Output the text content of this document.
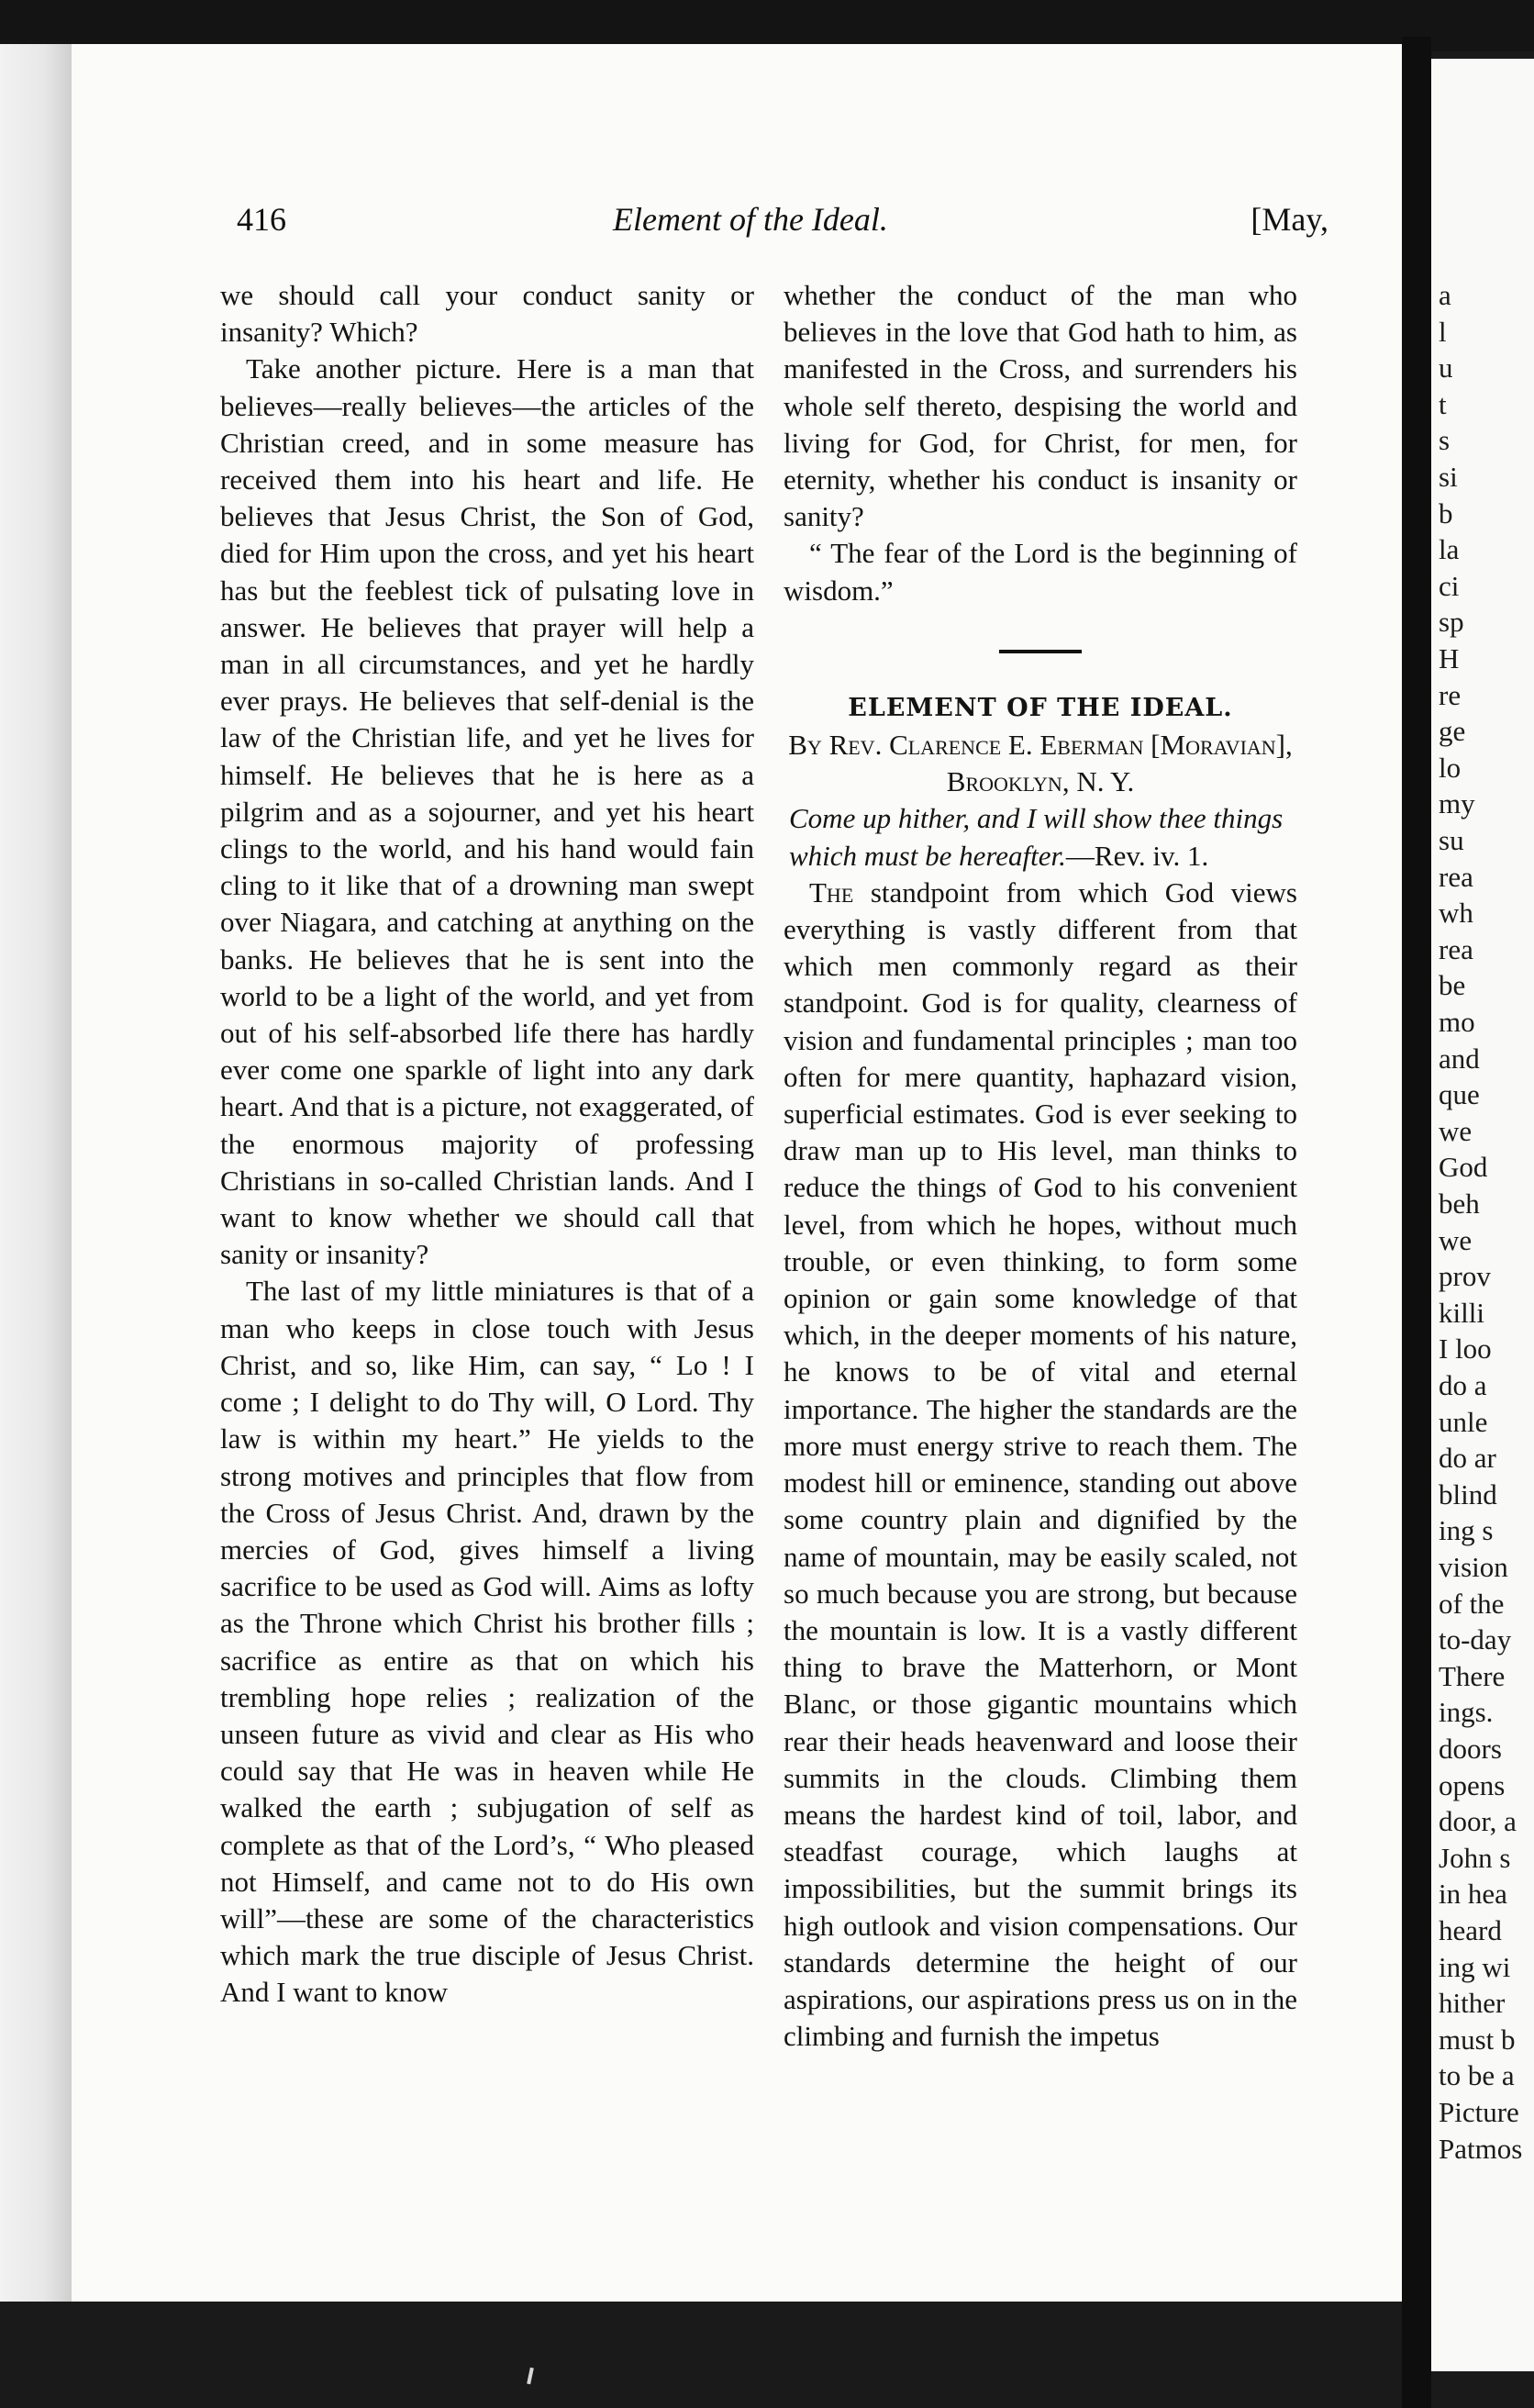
416	Element of the Ideal.	[May,

we should call your conduct sanity or insanity? Which?

Take another picture. Here is a man that believes—really believes—the articles of the Christian creed, and in some measure has received them into his heart and life. He believes that Jesus Christ, the Son of God, died for Him upon the cross, and yet his heart has but the feeblest tick of pulsating love in answer. He believes that prayer will help a man in all circumstances, and yet he hardly ever prays. He believes that self-denial is the law of the Christian life, and yet he lives for himself. He believes that he is here as a pilgrim and as a sojourner, and yet his heart clings to the world, and his hand would fain cling to it like that of a drowning man swept over Niagara, and catching at anything on the banks. He believes that he is sent into the world to be a light of the world, and yet from out of his self-absorbed life there has hardly ever come one sparkle of light into any dark heart. And that is a picture, not exaggerated, of the enormous majority of professing Christians in so-called Christian lands. And I want to know whether we should call that sanity or insanity?

The last of my little miniatures is that of a man who keeps in close touch with Jesus Christ, and so, like Him, can say, “ Lo ! I come ; I delight to do Thy will, O Lord. Thy law is within my heart.” He yields to the strong motives and principles that flow from the Cross of Jesus Christ. And, drawn by the mercies of God, gives himself a living sacrifice to be used as God will. Aims as lofty as the Throne which Christ his brother fills ; sacrifice as entire as that on which his trembling hope relies ; realization of the unseen future as vivid and clear as His who could say that He was in heaven while He walked the earth ; subjugation of self as complete as that of the Lord’s, “ Who pleased not Himself, and came not to do His own will”—these are some of the characteristics which mark the true disciple of Jesus Christ. And I want to know

whether the conduct of the man who believes in the love that God hath to him, as manifested in the Cross, and surrenders his whole self thereto, despising the world and living for God, for Christ, for men, for eternity, whether his conduct is insanity or sanity?

“ The fear of the Lord is the beginning of wisdom.”

ELEMENT OF THE IDEAL.

By Rev. Clarence E. Eberman [Moravian], Brooklyn, N. Y.

Come up hither, and I will show thee things which must be hereafter.—Rev. iv. 1.

The standpoint from which God views everything is vastly different from that which men commonly regard as their standpoint. God is for quality, clearness of vision and fundamental principles ; man too often for mere quantity, haphazard vision, superficial estimates. God is ever seeking to draw man up to His level, man thinks to reduce the things of God to his convenient level, from which he hopes, without much trouble, or even thinking, to form some opinion or gain some knowledge of that which, in the deeper moments of his nature, he knows to be of vital and eternal importance. The higher the standards are the more must energy strive to reach them. The modest hill or eminence, standing out above some country plain and dignified by the name of mountain, may be easily scaled, not so much because you are strong, but because the mountain is low. It is a vastly different thing to brave the Matterhorn, or Mont Blanc, or those gigantic mountains which rear their heads heavenward and loose their summits in the clouds. Climbing them means the hardest kind of toil, labor, and steadfast courage, which laughs at impossibilities, but the summit brings its high outlook and vision compensations. Our standards determine the height of our aspirations, our aspirations press us on in the climbing and furnish the impetus

a
l
u
t
s
si
b
la
ci
sp
H
re
ge
lo
my
su
rea
wh
rea
be
mo
and
que
we
God
beh
we
prov
killi
I loo
do a
unle
do ar
blind
ing s
vision
of the
to-day
There
ings.
doors
opens
door, a
John s
in hea
heard
ing wi
hither
must b
to be a
Picture
Patmos
